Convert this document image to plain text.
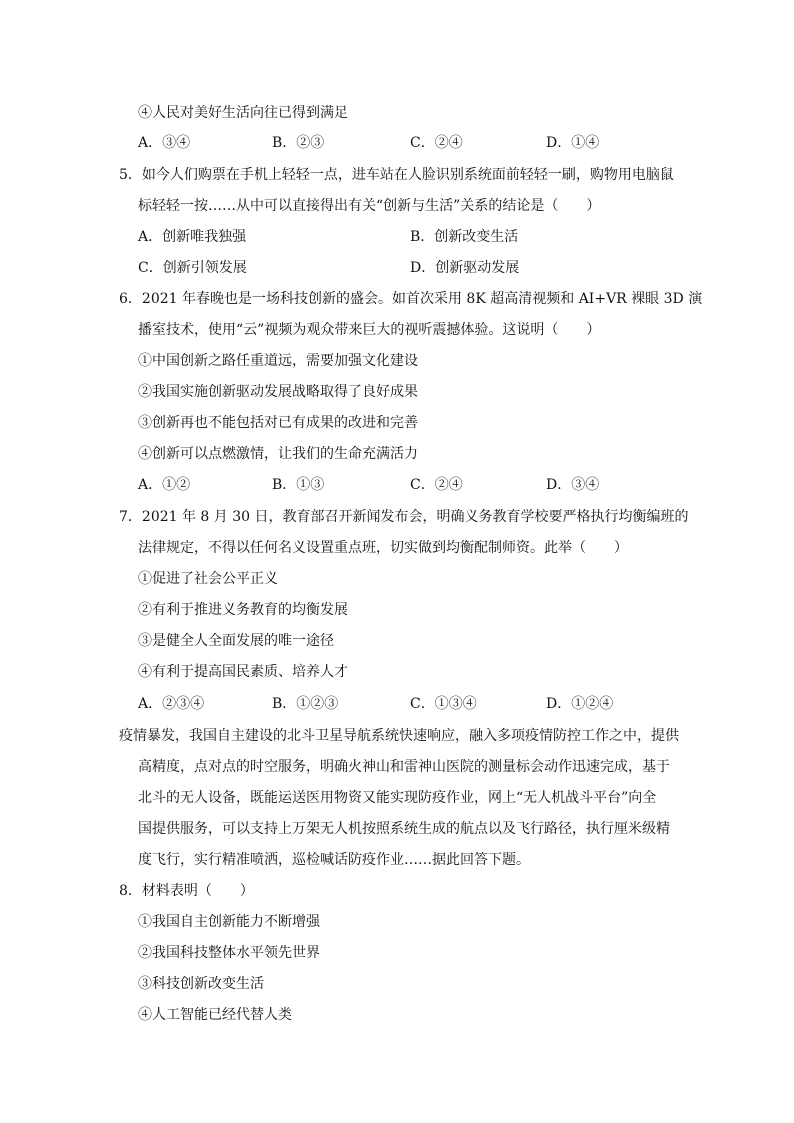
④人民对美好生活向往已得到满足
A．③④	B．②③	C．②④	D．①④
5．如今人们购票在手机上轻轻一点，进车站在人脸识别系统面前轻轻一刷，购物用电脑鼠
标轻轻一按……从中可以直接得出有关“创新与生活”关系的结论是（　　）
A．创新唯我独强	B．创新改变生活
C．创新引领发展	D．创新驱动发展
6．2021 年春晚也是一场科技创新的盛会。如首次采用 8K 超高清视频和 AI+VR 裸眼 3D 演
播室技术，使用“云”视频为观众带来巨大的视听震撼体验。这说明（　　）
①中国创新之路任重道远，需要加强文化建设
②我国实施创新驱动发展战略取得了良好成果
③创新再也不能包括对已有成果的改进和完善
④创新可以点燃激情，让我们的生命充满活力
A．①②	B．①③	C．②④	D．③④
7．2021 年 8 月 30 日，教育部召开新闻发布会，明确义务教育学校要严格执行均衡编班的
法律规定，不得以任何名义设置重点班，切实做到均衡配制师资。此举（　　）
①促进了社会公平正义
②有利于推进义务教育的均衡发展
③是健全人全面发展的唯一途径
④有利于提高国民素质、培养人才
A．②③④	B．①②③	C．①③④	D．①②④
疫情暴发，我国自主建设的北斗卫星导航系统快速响应，融入多项疫情防控工作之中，提供
高精度，点对点的时空服务，明确火神山和雷神山医院的测量标会动作迅速完成，基于
北斗的无人设备，既能运送医用物资又能实现防疫作业，网上“无人机战斗平台”向全
国提供服务，可以支持上万架无人机按照系统生成的航点以及飞行路径，执行厘米级精
度飞行，实行精准喷洒，巡检喊话防疫作业……据此回答下题。
8．材料表明（　　）
①我国自主创新能力不断增强
②我国科技整体水平领先世界
③科技创新改变生活
④人工智能已经代替人类
